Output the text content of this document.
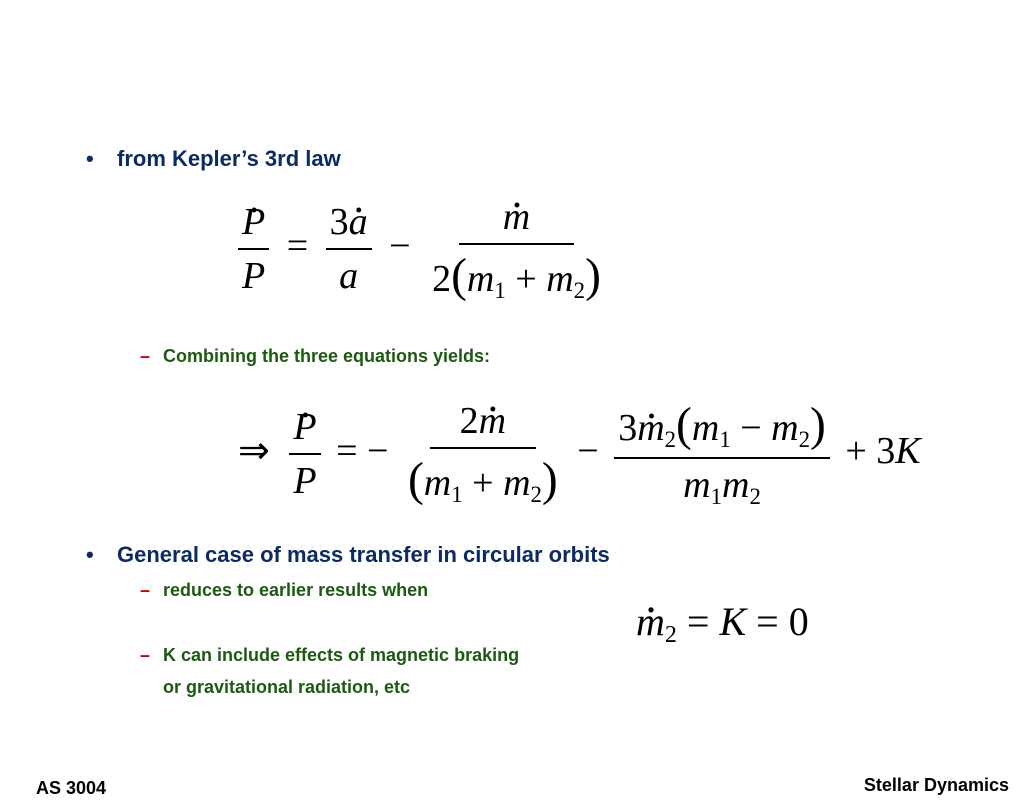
• from Kepler’s 3rd law
$\frac{P .}{P} = \frac{3a .}{a} - \frac{m .}{2(m_1 + m_2)}$
– Combining the three equations yields:
⇒ $\frac{P .}{P}$ = − $\frac{2m .}{(m_1 + m_2)} - \frac{3m ._2(m_1 - m_2)}{m_1m_2} + 3K$
• General case of mass transfer in circular orbits
– reduces to earlier results when
m $._2 = K = 0$
– K can include effects of magnetic braking
or gravitational radiation, etc
AS 3004	Stellar Dynamics
